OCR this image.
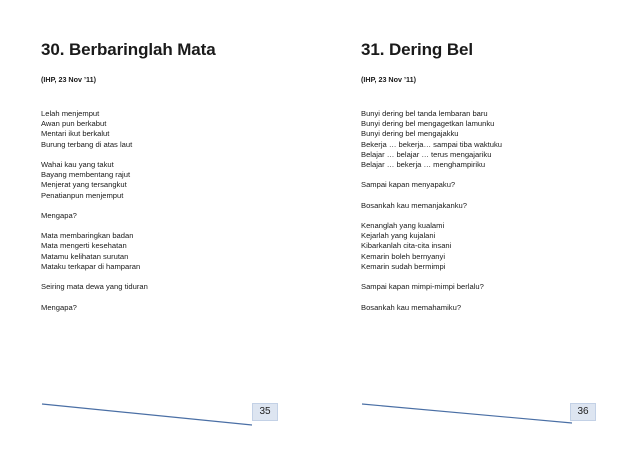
30. Berbaringlah Mata
(IHP, 23 Nov ’11)
Lelah menjemput
Awan pun berkabut
Mentari ikut berkalut
Burung terbang di atas laut
Wahai kau yang takut
Bayang membentang rajut
Menjerat yang tersangkut
Penatianpun menjemput
Mengapa?
Mata membaringkan badan
Mata mengerti kesehatan
Matamu kelihatan surutan
Mataku terkapar di hamparan
Seiring mata dewa yang tiduran
Mengapa?
35
31. Dering Bel
(IHP, 23 Nov ’11)
Bunyi dering bel tanda lembaran baru
Bunyi dering bel mengagetkan lamunku
Bunyi dering bel mengajakku
Bekerja … bekerja… sampai tiba waktuku
Belajar … belajar … terus mengajariku
Belajar … bekerja … menghampiriku
Sampai kapan menyapaku?
Bosankah kau memanjakanku?
Kenanglah yang kualami
Kejarlah yang kujalani
Kibarkanlah cita-cita insani
Kemarin boleh bernyanyi
Kemarin sudah bermimpi
Sampai kapan mimpi-mimpi berlalu?
Bosankah kau memahamiku?
36
